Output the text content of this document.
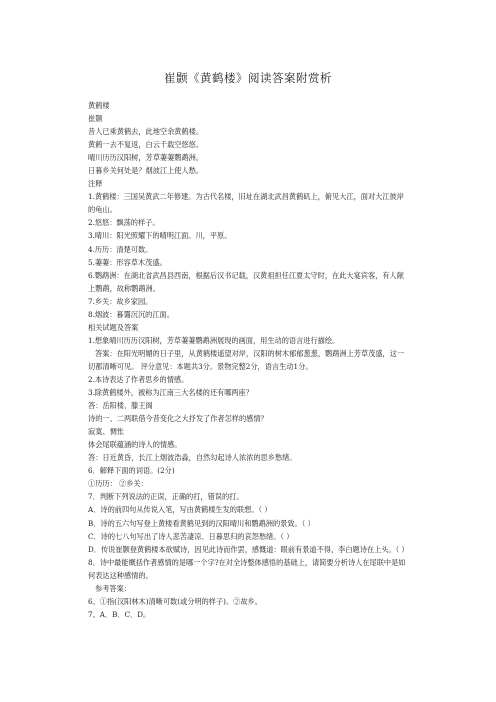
崔颢《黄鹤楼》阅读答案附赏析
黄鹤楼
崔颢
昔人已乘黄鹤去，此地空余黄鹤楼。
黄鹤一去不复返，白云千载空悠悠。
晴川历历汉阳树，芳草萋萋鹦鹉洲。
日暮乡关何处是？烟波江上使人愁。
注释
1.黄鹤楼：三国吴黄武二年修建。为古代名楼，旧址在湖北武昌黄鹤矶上，俯见大江，面对大江彼岸的龟山。
2.悠悠：飘荡的样子。
3.晴川：阳光照耀下的晴明江面。川，平原。
4.历历：清楚可数。
5.萋萋：形容草木茂盛。
6.鹦鹉洲：在湖北省武昌县西南，根据后汉书记载，汉黄祖担任江夏太守时，在此大宴宾客，有人献上鹦鹉，故称鹦鹉洲。
7.乡关：故乡家园。
8.烟波：暮霭沉沉的江面。
相关试题及答案
1.想象晴川历历汉阳树，芳草萋萋鹦鹉洲展现的画面，用生动的语言进行描绘。
答案：在阳光明媚的日子里，从黄鹤楼遥望对岸，汉阳的树木郁郁葱葱，鹦鹉洲上芳草茂盛，这一切都清晰可见。 评分意见：本题共3分。景物完整2分，语言生动1分。
2.本诗表达了作者思乡的情感。
3.除黄鹤楼外，被称为江南三大名楼的还有哪两座？
答：岳阳楼、滕王阁
诗的一、二两联借今昔变化之大抒发了作者怎样的感情？
寂寞、惆怅
体会尾联蕴涵的诗人的情感。
答：日近黄昏，长江上烟波浩淼，自然勾起诗人浓浓的思乡愁绪。
6．解释下面的词语。(2分)
①历历： ②乡关：
7．判断下列说法的正误，正确的打，错误的打。
A．诗的前四句从传说入笔，写由黄鹤楼生发的联想。（ ）
B．诗的五六句写登上黄楼看黄鹤见到的汉阳晴川和鹦鹉洲的景致。（ ）
C．诗的七八句写出了诗人悲苦凄凉、日暮思归的哀怨愁绪。（ ）
D．传说崔颢登黄鹤楼本欲赋诗，因见此诗而作罢，感慨道：眼前有景道不得，李白题诗在上头。（ ）
8．诗中最能概括作者感情的是哪一个字?在对全诗整体感悟的基础上，请简要分析诗人在尾联中是如何表达这种感情的。
参考答案：
6、①指(汉阳林木)清晰可数(或分明的样子)。②故乡。
7、A．B．C．D。
